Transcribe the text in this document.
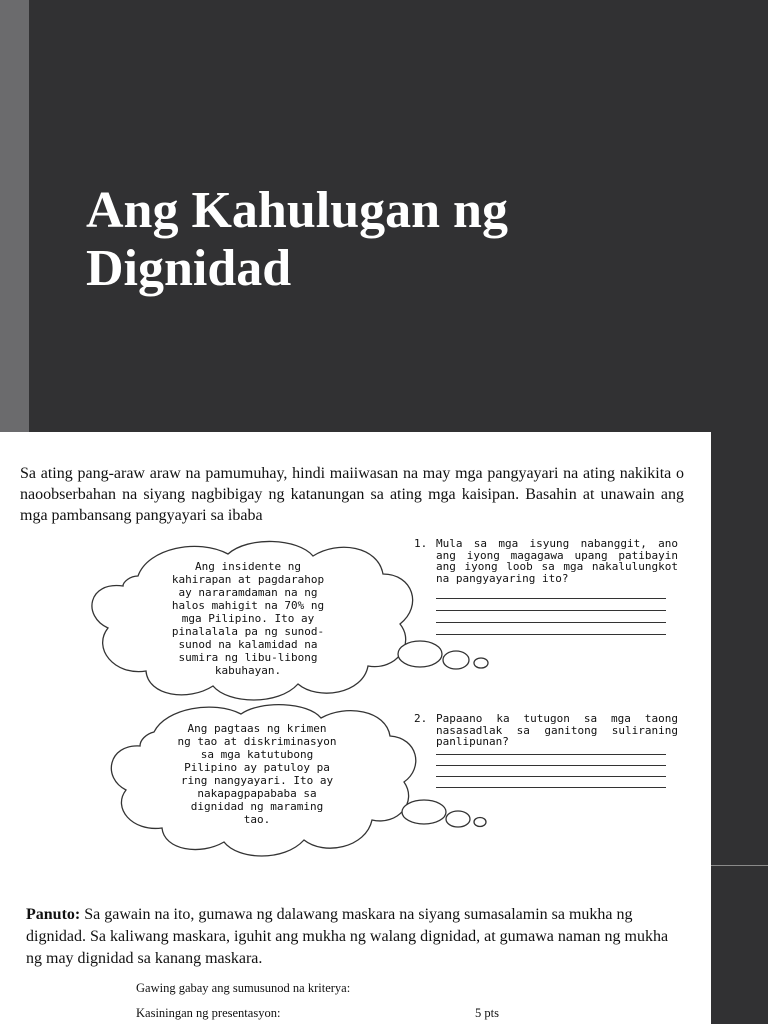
Ang Kahulugan ng
Dignidad

Sa ating pang-araw araw na pamumuhay, hindi maiiwasan na may mga pangyayari na ating nakikita o naoobserbahan na siyang nagbibigay ng katanungan sa ating mga kaisipan. Basahin at unawain ang mga pambansang pangyayari sa ibaba

Ang insidente ng
kahirapan at pagdarahop
ay nararamdaman na ng
halos mahigit na 70% ng
mga Pilipino. Ito ay
pinalalala pa ng sunod-
sunod na kalamidad na
sumira ng libu-libong
kabuhayan.

Ang pagtaas ng krimen
ng tao at diskriminasyon
sa mga katutubong
Pilipino ay patuloy pa
ring nangyayari. Ito ay
nakapagpapababa sa
dignidad ng maraming
tao.

1. Mula sa mga isyung nabanggit, ano ang iyong magagawa upang patibayin ang iyong loob sa mga nakalulungkot na pangyayaring ito?
2. Papaano ka tutugon sa mga taong nasasadlak sa ganitong suliraning panlipunan?

Panuto: Sa gawain na ito, gumawa ng dalawang maskara na siyang sumasalamin sa mukha ng dignidad. Sa kaliwang maskara, iguhit ang mukha ng walang dignidad, at gumawa naman ng mukha ng may dignidad sa kanang maskara.

Gawing gabay ang sumusunod na kriterya:
Kasiningan ng presentasyon:	5 pts
